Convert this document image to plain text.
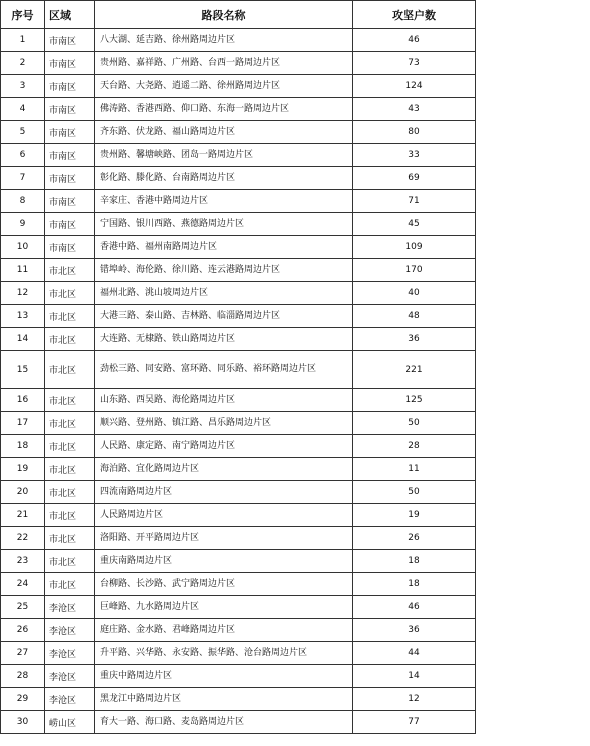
序号	区域	路段名称	攻坚户数
1	市南区	八大湖、延吉路、徐州路周边片区	46
2	市南区	贵州路、嘉祥路、广州路、台西一路周边片区	73
3	市南区	天台路、大尧路、逍遥二路、徐州路周边片区	124
4	市南区	佛涛路、香港西路、仰口路、东海一路周边片区	43
5	市南区	齐东路、伏龙路、福山路周边片区	80
6	市南区	贵州路、馨塘峡路、团岛一路周边片区	33
7	市南区	彰化路、滕化路、台南路周边片区	69
8	市南区	辛家庄、香港中路周边片区	71
9	市南区	宁国路、银川西路、燕德路周边片区	45
10	市南区	香港中路、福州南路周边片区	109
11	市北区	错埠岭、海伦路、徐川路、连云港路周边片区	170
12	市北区	福州北路、洮山坡周边片区	40
13	市北区	大港三路、泰山路、吉林路、临淄路周边片区	48
14	市北区	大连路、无棣路、铁山路周边片区	36
15	市北区	劲松三路、同安路、富环路、同乐路、裕环路周边片区	221
16	市北区	山东路、西吴路、海伦路周边片区	125
17	市北区	顺兴路、登州路、镇江路、昌乐路周边片区	50
18	市北区	人民路、康定路、南宁路周边片区	28
19	市北区	海泊路、宜化路周边片区	11
20	市北区	四流南路周边片区	50
21	市北区	人民路周边片区	19
22	市北区	洛阳路、开平路周边片区	26
23	市北区	重庆南路周边片区	18
24	市北区	台柳路、长沙路、武宁路周边片区	18
25	李沧区	巨峰路、九水路周边片区	46
26	李沧区	庭庄路、金水路、君峰路周边片区	36
27	李沧区	升平路、兴华路、永安路、振华路、沧台路周边片区	44
28	李沧区	重庆中路周边片区	14
29	李沧区	黑龙江中路周边片区	12
30	崂山区	育大一路、海口路、麦岛路周边片区	77
